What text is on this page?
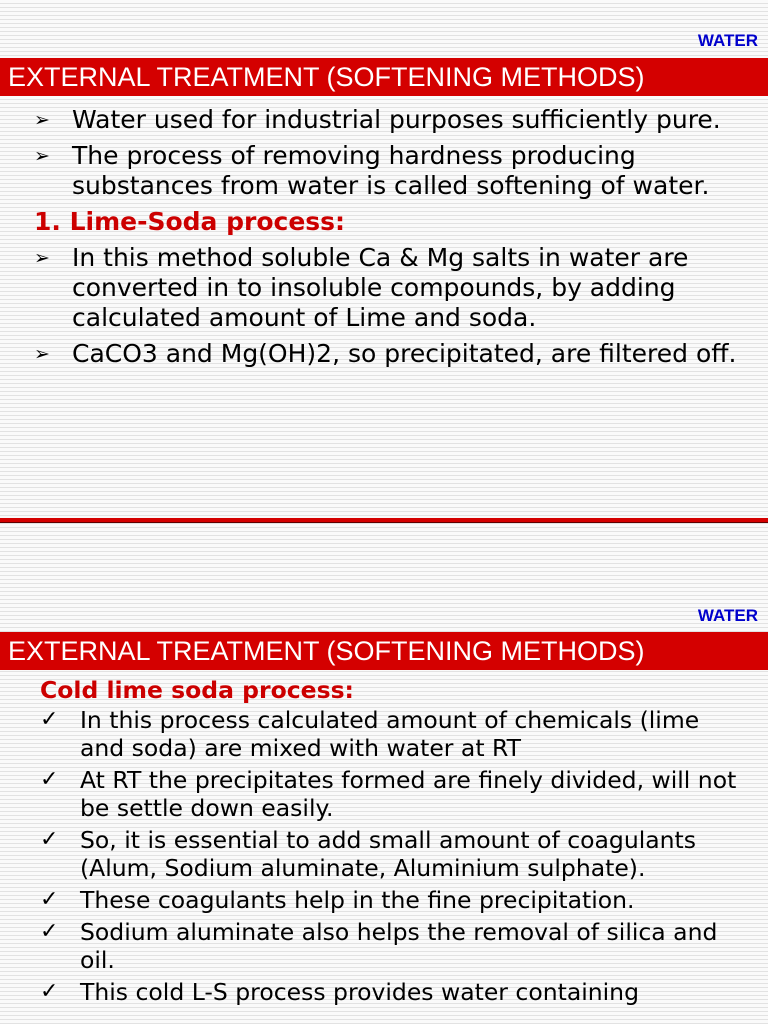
WATER
EXTERNAL TREATMENT (SOFTENING METHODS)
➢ Water used for industrial purposes sufficiently pure.
➢ The process of removing hardness producing substances from water is called softening of water.
1. Lime-Soda process:
➢ In this method soluble Ca & Mg salts in water are converted in to insoluble compounds, by adding calculated amount of Lime and soda.
➢ CaCO3 and Mg(OH)2, so precipitated, are filtered off.
WATER
EXTERNAL TREATMENT (SOFTENING METHODS)
Cold lime soda process:
✓ In this process calculated amount of chemicals (lime and soda) are mixed with water at RT
✓ At RT the precipitates formed are finely divided, will not be settle down easily.
✓ So, it is essential to add small amount of coagulants (Alum, Sodium aluminate, Aluminium sulphate).
✓ These coagulants help in the fine precipitation.
✓ Sodium aluminate also helps the removal of silica and oil.
✓ This cold L-S process provides water containing
